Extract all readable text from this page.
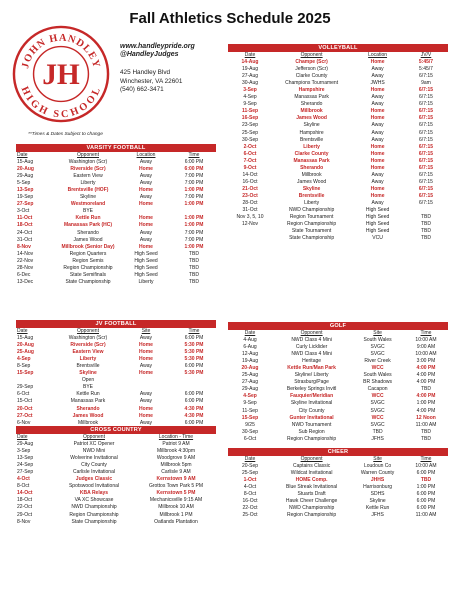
Fall Athletics Schedule 2025
JOHN HANDLEY
HIGH SCHOOL
JH
www.handleypride.org
@HandleyJudges
425 Handley Blvd
Winchester, VA 22601
(540) 662-3471
**Times & Dates Subject to change
VARSITY FOOTBALL
Date	Opponent	Location	Time
15-Aug	Washington (Scr)	Away	6:00 PM
20-Aug	Riverside (Scr)	Home	6:00 PM
29-Aug	Eastern View	Away	7:00 PM
5-Sep	Liberty	Away	7:00 PM
13-Sep	Brentsville (HOF)	Home	1:00 PM
19-Sep	Skyline	Away	7:00 PM
27-Sep	Westmoreland	Home	1:00 PM
3-Oct	BYE		
11-Oct	Kettle Run	Home	1:00 PM
18-Oct	Manassas Park (HC)	Home	1:00 PM
24-Oct	Sherando	Away	7:00 PM
31-Oct	James Wood	Away	7:00 PM
8-Nov	Millbrook (Senior Day)	Home	1:00 PM
14-Nov	Region Quarters	High Seed	TBD
22-Nov	Region Semis	High Seed	TBD
28-Nov	Region Championship	High Seed	TBD
6-Dec	State Semifinals	High Seed	TBD
13-Dec	State Championship	Liberty	TBD
JV FOOTBALL
Date	Opponent	Site	Time
15-Aug	Washington (Scr)	Away	6:00 PM
20-Aug	Riverside (Scr)	Home	5:30 PM
25-Aug	Eastern View	Home	5:30 PM
4-Sep	Liberty	Home	5:30 PM
8-Sep	Brentsville	Away	6:00 PM
15-Sep	Skyline	Home	5:30 PM
	Open		
29-Sep	BYE		
6-Oct	Kettle Run	Away	6:00 PM
15-Oct	Manassas Park	Away	6:00 PM
20-Oct	Sherando	Home	4:30 PM
27-Oct	James Wood	Home	4:30 PM
6-Nov	Millbrook	Away	6:00 PM
CROSS COUNTRY
Date	Opponent	Location - Time
29-Aug	Patriot XC Opener	Patriot 9 AM
3-Sep	NWD Mini	Millbrook 4:30pm
13-Sep	Wolverine Invitational	Woodgrove 9 AM
24-Sep	City County	Millbrook 5pm
27-Sep	Carlisle Invitational	Carlisle 9 AM
4-Oct	Judges Classic	Kernstown 9 AM
8-Oct	Spotswood Invitational	Grottos Town Park 5 PM
14-Oct	KBA Relays	Kernstown 5 PM
18-Oct	VA XC Showcase	Mechanicsville 9:15 AM
22-Oct	NWD Championship	Millbrook 10 AM
29-Oct	Region Championship	Millbrook 1 PM
8-Nov	State Championship	Oatlands Plantation
VOLLEYBALL
Date	Opponent	Location	JV/V
14-Aug	Champe (Scr)	Home	5:45/7
19-Aug	Jefferson (Scr)	Away	5:45/7
27-Aug	Clarke County	Away	6/7:15
30-Aug	Champions Tournament	JWHS	9am
3-Sep	Hampshire	Home	6/7:15
4-Sep	Manassas Park	Away	6/7:15
9-Sep	Sherando	Away	6/7:15
11-Sep	Millbrook	Home	6/7:15
16-Sep	James Wood	Home	6/7:15
23-Sep	Skyline	Away	6/7:15
25-Sep	Hampshire	Away	6/7:15
30-Sep	Brentsville	Away	6/7:15
2-Oct	Liberty	Home	6/7:15
6-Oct	Clarke County	Home	6/7:15
7-Oct	Manassas Park	Home	6/7:15
9-Oct	Sherando	Home	6/7:15
14-Oct	Millbrook	Away	6/7:15
16-Oct	James Wood	Away	6/7:15
21-Oct	Skyline	Home	6/7:15
23-Oct	Brentsville	Home	6/7:15
28-Oct	Liberty	Away	6/7:15
31-Oct	NWD Championship	High Seed	
Nov 3, 5, 10	Region Tournament	High Seed	TBD
12-Nov	Region Championship	High Seed	TBD
	State Tournament	High Seed	TBD
	State Championship	VCU	TBD
GOLF
Date	Opponent	Site	Time
4-Aug	NWD Class 4 Mini	South Wales	10:00 AM
6-Aug	Curly Licklider	SVGC	9:00 AM
12-Aug	NWD Class 4 Mini	SVGC	10:00 AM
19-Aug	Heritage	River Creek	3:00 PM
20-Aug	Kettle Run/Man Park	WCC	4:00 PM
25-Aug	Skyline/ Liberty	South Wales	4:00 PM
27-Aug	Strasburg/Page	BR Shadows	4:00 PM
29-Aug	Berkeley Springs Invitl	Cacapon	TBD
4-Sep	Fauquier/Meridian	WCC	4:00 PM
9-Sep	Skyline Invitational	SVGC	1:00 PM
11-Sep	City County	SVGC	4:00 PM
15-Sep	Gunter Invitational	WCC	12 Noon
9/25	NWD Tournament	SVGC	11:00 AM
30-Sep	Sub Region	TBD	TBD
6-Oct	Region Championship	JFHS	TBD
CHEER
Date	Opponent	Site	Time
20-Sep	Captains Classic	Loudoun Co	10:00 AM
25-Sep	Wildcat Invitational	Warren County	6:00 PM
1-Oct	HOME Comp.	JHHS	TBD
4-Oct	Blue Streak Invitational	Harrisonburg	1:00 PM
8-Oct	Stuarts Draft	SDHS	6:00 PM
16-Oct	Hawk Cheer Challenge	Skyline	6:00 PM
22-Oct	NWD Championship	Kettle Run	6:00 PM
25-Oct	Region Championship	JFHS	11:00 AM
